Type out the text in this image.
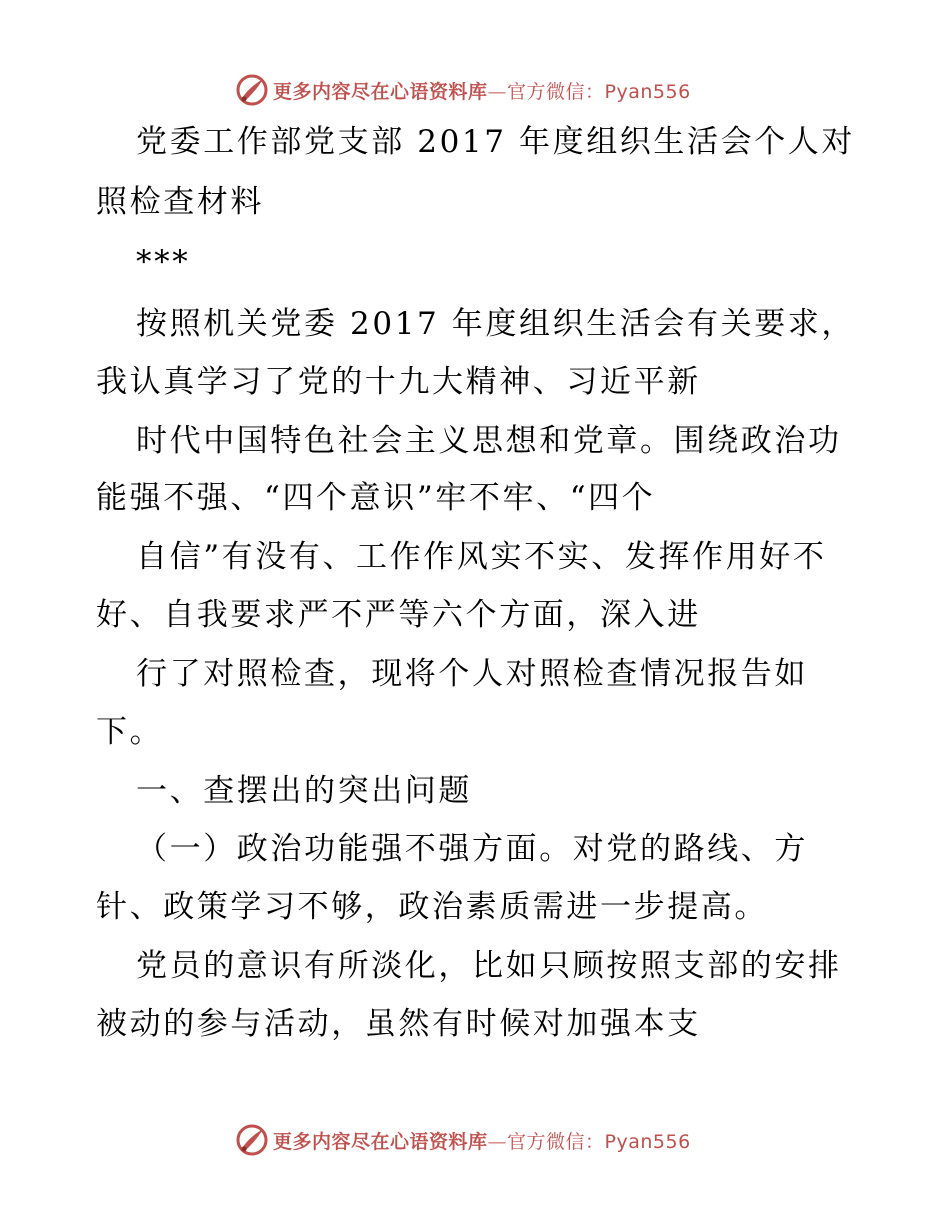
更多内容尽在心语资料库—官方微信：Pyan556
党委工作部党支部 2017 年度组织生活会个人对
照检查材料
***
按照机关党委 2017 年度组织生活会有关要求，
我认真学习了党的十九大精神、习近平新
时代中国特色社会主义思想和党章。围绕政治功
能强不强、“四个意识”牢不牢、“四个
自信”有没有、工作作风实不实、发挥作用好不
好、自我要求严不严等六个方面，深入进
行了对照检查，现将个人对照检查情况报告如
下。
一、查摆出的突出问题
（一）政治功能强不强方面。对党的路线、方
针、政策学习不够，政治素质需进一步提高。
党员的意识有所淡化，比如只顾按照支部的安排
被动的参与活动，虽然有时候对加强本支
更多内容尽在心语资料库—官方微信：Pyan556
